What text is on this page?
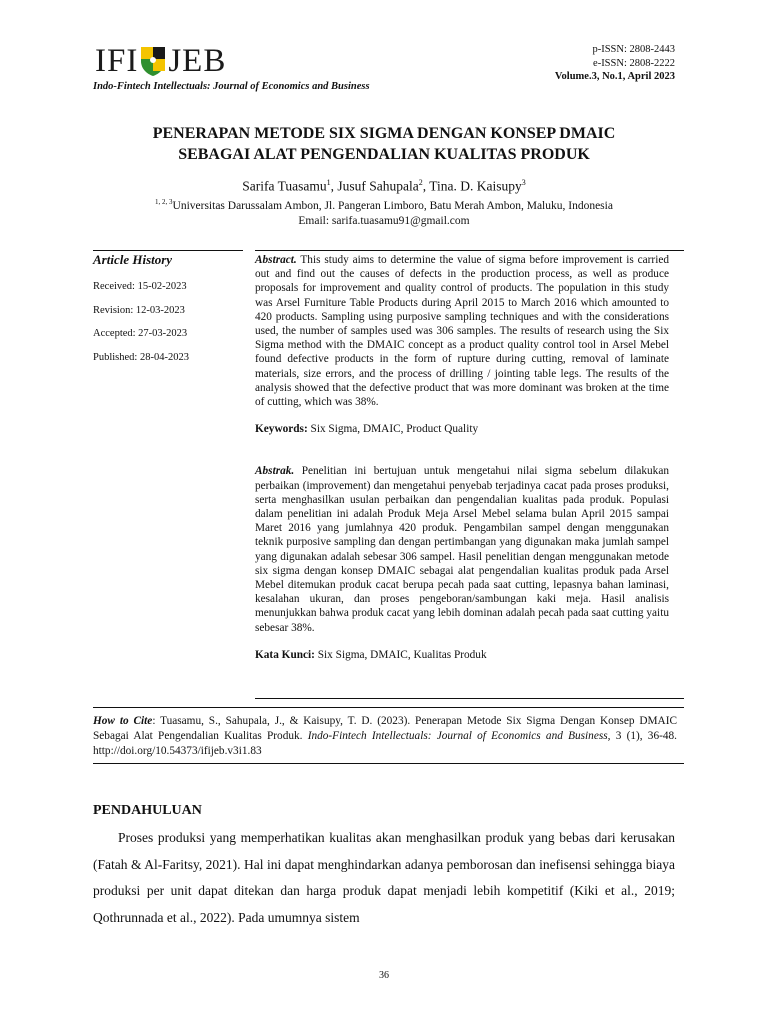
IFI JEB
Indo-Fintech Intellectuals: Journal of Economics and Business
p-ISSN: 2808-2443
e-ISSN: 2808-2222
Volume.3, No.1, April 2023
PENERAPAN METODE SIX SIGMA DENGAN KONSEP DMAIC
SEBAGAI ALAT PENGENDALIAN KUALITAS PRODUK
Sarifa Tuasamu$^1$, Jusuf Sahupala$^2$, Tina. D. Kaisupy$^3$
$^{1, 2, 3}$Universitas Darussalam Ambon, Jl. Pangeran Limboro, Batu Merah Ambon, Maluku, Indonesia
Email: sarifa.tuasamu91@gmail.com
Article History
Received: 15-02-2023
Revision: 12-03-2023
Accepted: 27-03-2023
Published: 28-04-2023

Abstract. This study aims to determine the value of sigma before improvement is carried out and find out the causes of defects in the production process, as well as produce proposals for improvement and quality control of products. The population in this study was Arsel Furniture Table Products during April 2015 to March 2016 which amounted to 420 products. Sampling using purposive sampling techniques and with the considerations used, the number of samples used was 306 samples. The results of research using the Six Sigma method with the DMAIC concept as a product quality control tool in Arsel Mebel found defective products in the form of rupture during cutting, removal of laminate materials, size errors, and the process of drilling / jointing table legs. The results of the analysis showed that the defective product that was more dominant was broken at the time of cutting, which was 38%.

Keywords: Six Sigma, DMAIC, Product Quality

Abstrak. Penelitian ini bertujuan untuk mengetahui nilai sigma sebelum dilakukan perbaikan (improvement) dan mengetahui penyebab terjadinya cacat pada proses produksi, serta menghasilkan usulan perbaikan dan pengendalian kualitas pada produk. Populasi dalam penelitian ini adalah Produk Meja Arsel Mebel selama bulan April 2015 sampai Maret 2016 yang jumlahnya 420 produk. Pengambilan sampel dengan menggunakan teknik purposive sampling dan dengan pertimbangan yang digunakan maka jumlah sampel yang digunakan adalah sebesar 306 sampel. Hasil penelitian dengan menggunakan metode six sigma dengan konsep DMAIC sebagai alat pengendalian kualitas produk pada Arsel Mebel ditemukan produk cacat berupa pecah pada saat cutting, lepasnya bahan laminasi, kesalahan ukuran, dan proses pengeboran/sambungan kaki meja. Hasil analisis menunjukkan bahwa produk cacat yang lebih dominan adalah pecah pada saat cutting yaitu sebesar 38%.

Kata Kunci: Six Sigma, DMAIC, Kualitas Produk

How to Cite: Tuasamu, S., Sahupala, J., & Kaisupy, T. D. (2023). Penerapan Metode Six Sigma Dengan Konsep DMAIC Sebagai Alat Pengendalian Kualitas Produk. Indo-Fintech Intellectuals: Journal of Economics and Business, 3 (1), 36-48. http://doi.org/10.54373/ifijeb.v3i1.83
PENDAHULUAN

Proses produksi yang memperhatikan kualitas akan menghasilkan produk yang bebas dari kerusakan (Fatah & Al-Faritsy, 2021). Hal ini dapat menghindarkan adanya pemborosan dan inefisensi sehingga biaya produksi per unit dapat ditekan dan harga produk dapat menjadi lebih kompetitif (Kiki et al., 2019; Qothrunnada et al., 2022). Pada umumnya sistem

36
